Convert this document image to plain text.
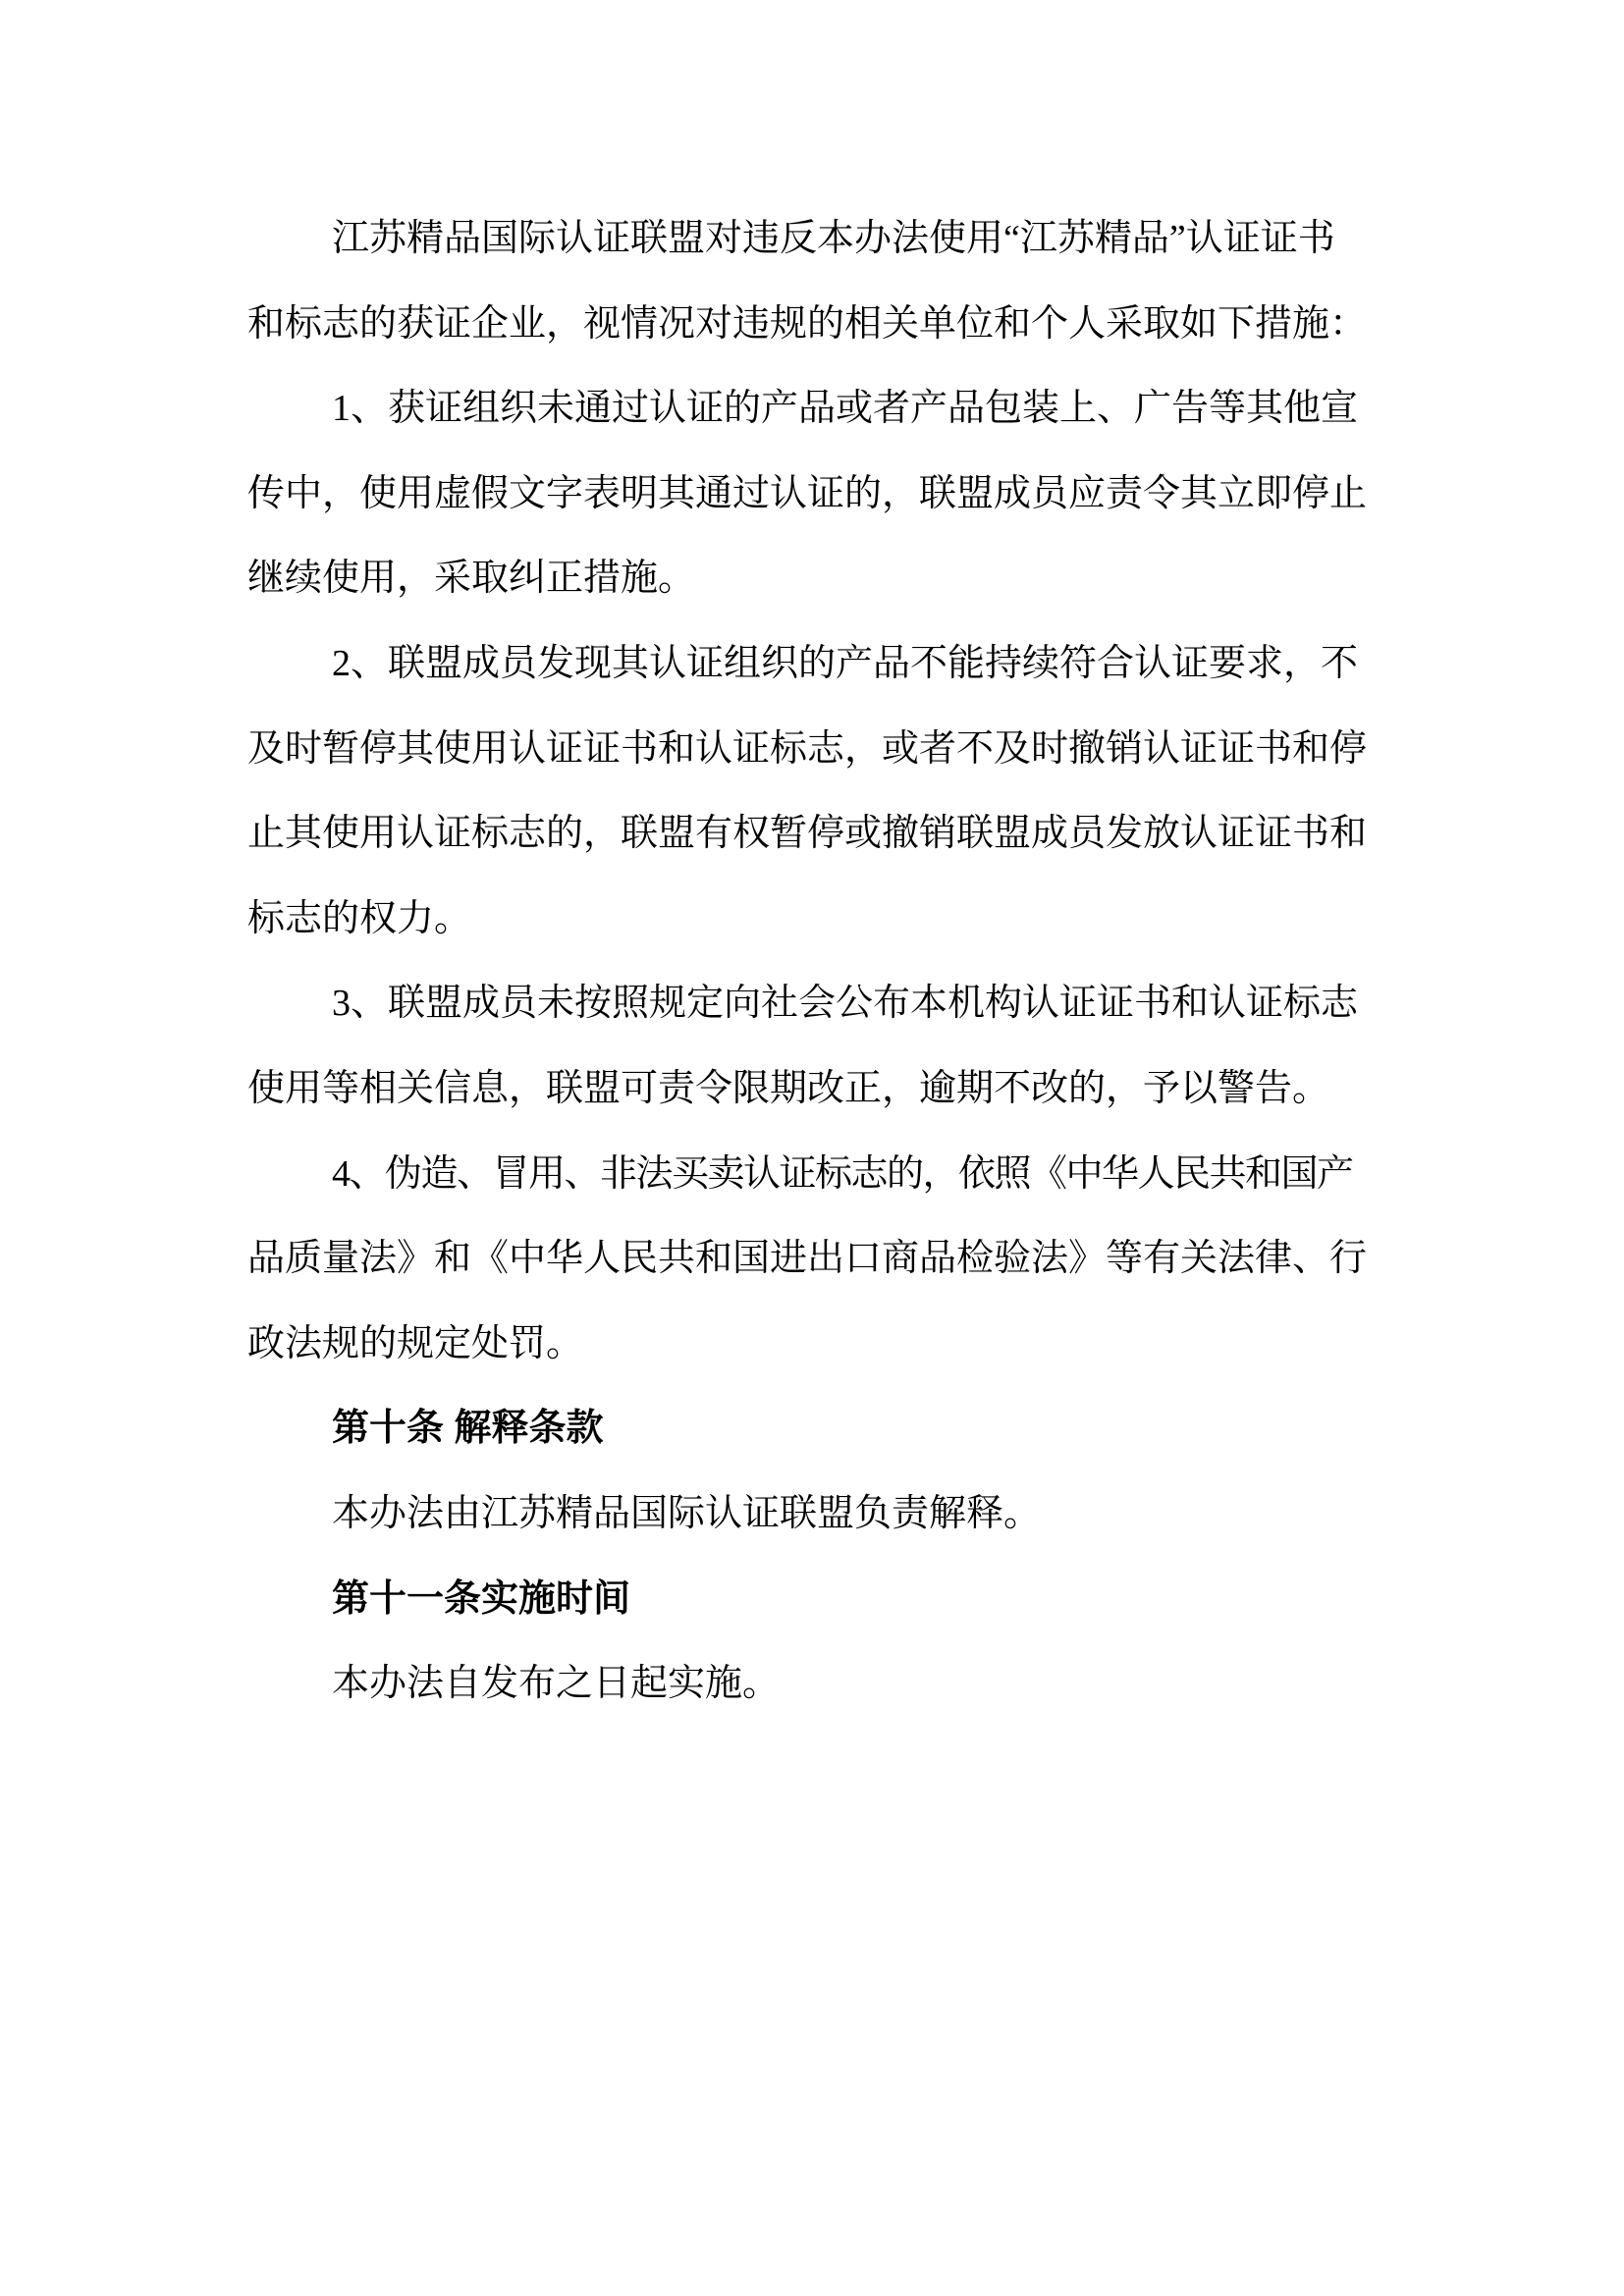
江苏精品国际认证联盟对违反本办法使用“江苏精品”认证证书
和标志的获证企业，视情况对违规的相关单位和个人采取如下措施：
1、获证组织未通过认证的产品或者产品包装上、广告等其他宣
传中，使用虚假文字表明其通过认证的，联盟成员应责令其立即停止
继续使用，采取纠正措施。
2、联盟成员发现其认证组织的产品不能持续符合认证要求，不
及时暂停其使用认证证书和认证标志，或者不及时撤销认证证书和停
止其使用认证标志的，联盟有权暂停或撤销联盟成员发放认证证书和
标志的权力。
3、联盟成员未按照规定向社会公布本机构认证证书和认证标志
使用等相关信息，联盟可责令限期改正，逾期不改的，予以警告。
4、伪造、冒用、非法买卖认证标志的，依照《中华人民共和国产
品质量法》和《中华人民共和国进出口商品检验法》等有关法律、行
政法规的规定处罚。
第十条 解释条款
本办法由江苏精品国际认证联盟负责解释。
第十一条实施时间
本办法自发布之日起实施。
